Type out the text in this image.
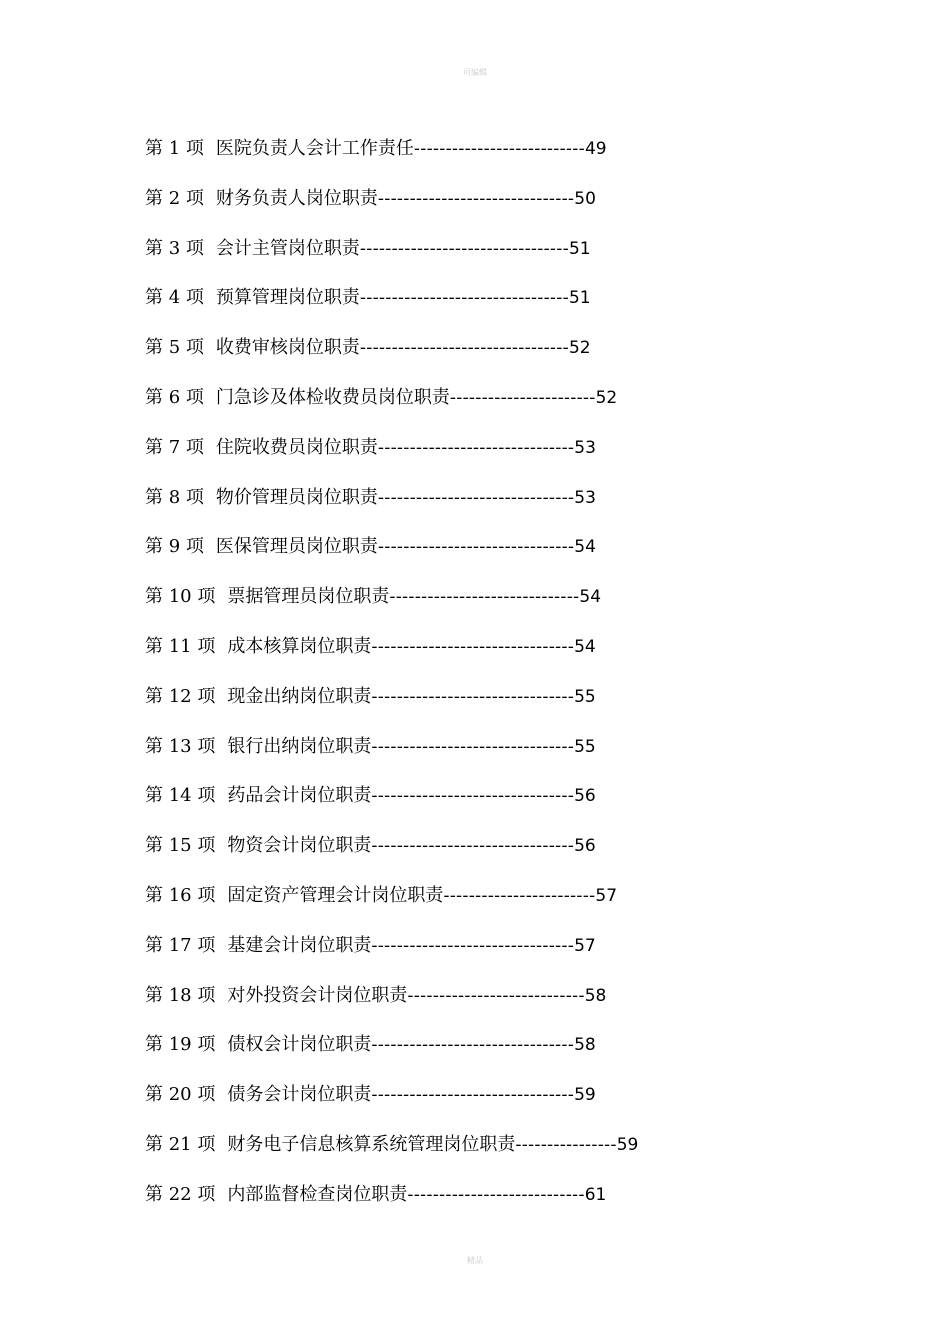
可编辑
第 1 项 医院负责人会计工作责任---------------------------49
第 2 项 财务负责人岗位职责-------------------------------50
第 3 项 会计主管岗位职责---------------------------------51
第 4 项 预算管理岗位职责---------------------------------51
第 5 项 收费审核岗位职责---------------------------------52
第 6 项 门急诊及体检收费员岗位职责-----------------------52
第 7 项 住院收费员岗位职责-------------------------------53
第 8 项 物价管理员岗位职责-------------------------------53
第 9 项 医保管理员岗位职责-------------------------------54
第 10 项 票据管理员岗位职责------------------------------54
第 11 项 成本核算岗位职责--------------------------------54
第 12 项 现金出纳岗位职责--------------------------------55
第 13 项 银行出纳岗位职责--------------------------------55
第 14 项 药品会计岗位职责--------------------------------56
第 15 项 物资会计岗位职责--------------------------------56
第 16 项 固定资产管理会计岗位职责------------------------57
第 17 项 基建会计岗位职责--------------------------------57
第 18 项 对外投资会计岗位职责----------------------------58
第 19 项 债权会计岗位职责--------------------------------58
第 20 项 债务会计岗位职责--------------------------------59
第 21 项 财务电子信息核算系统管理岗位职责----------------59
第 22 项 内部监督检查岗位职责----------------------------61
精品
